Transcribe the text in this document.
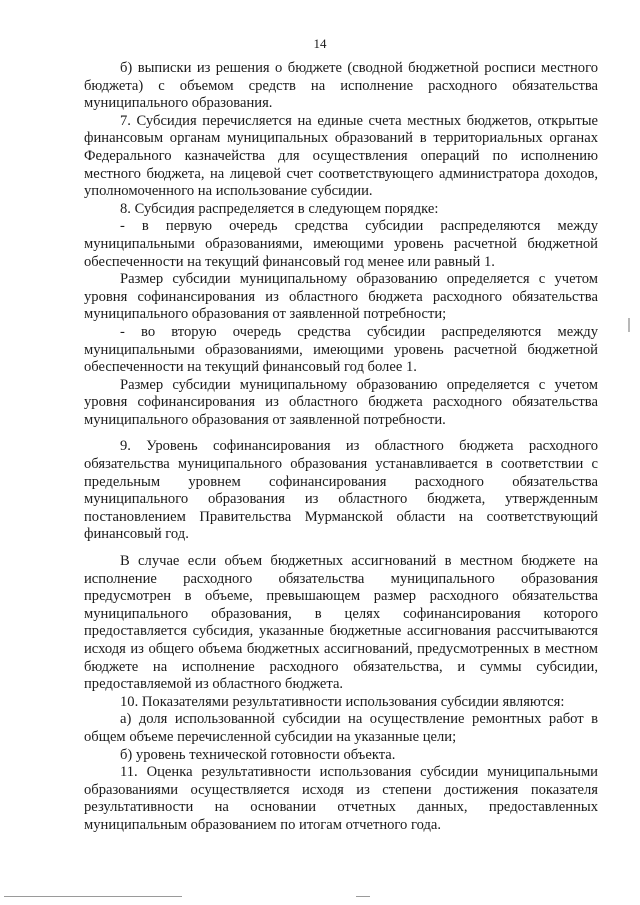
14

б) выписки из решения о бюджете (сводной бюджетной росписи местного бюджета) с объемом средств на исполнение расходного обязательства муниципального образования.

7. Субсидия перечисляется на единые счета местных бюджетов, открытые финансовым органам муниципальных образований в территориальных органах Федерального казначейства для осуществления операций по исполнению местного бюджета, на лицевой счет соответствующего администратора доходов, уполномоченного на использование субсидии.

8. Субсидия распределяется в следующем порядке:

- в первую очередь средства субсидии распределяются между муниципальными образованиями, имеющими уровень расчетной бюджетной обеспеченности на текущий финансовый год менее или равный 1.

Размер субсидии муниципальному образованию определяется с учетом уровня софинансирования из областного бюджета расходного обязательства муниципального образования от заявленной потребности;

- во вторую очередь средства субсидии распределяются между муниципальными образованиями, имеющими уровень расчетной бюджетной обеспеченности на текущий финансовый год более 1.

Размер субсидии муниципальному образованию определяется с учетом уровня софинансирования из областного бюджета расходного обязательства муниципального образования от заявленной потребности.

9. Уровень софинансирования из областного бюджета расходного обязательства муниципального образования устанавливается в соответствии с предельным уровнем софинансирования расходного обязательства муниципального образования из областного бюджета, утвержденным постановлением Правительства Мурманской области на соответствующий финансовый год.

В случае если объем бюджетных ассигнований в местном бюджете на исполнение расходного обязательства муниципального образования предусмотрен в объеме, превышающем размер расходного обязательства муниципального образования, в целях софинансирования которого предоставляется субсидия, указанные бюджетные ассигнования рассчитываются исходя из общего объема бюджетных ассигнований, предусмотренных в местном бюджете на исполнение расходного обязательства, и суммы субсидии, предоставляемой из областного бюджета.

10. Показателями результативности использования субсидии являются:

а) доля использованной субсидии на осуществление ремонтных работ в общем объеме перечисленной субсидии на указанные цели;

б) уровень технической готовности объекта.

11. Оценка результативности использования субсидии муниципальными образованиями осуществляется исходя из степени достижения показателя результативности на основании отчетных данных, предоставленных муниципальным образованием по итогам отчетного года.
